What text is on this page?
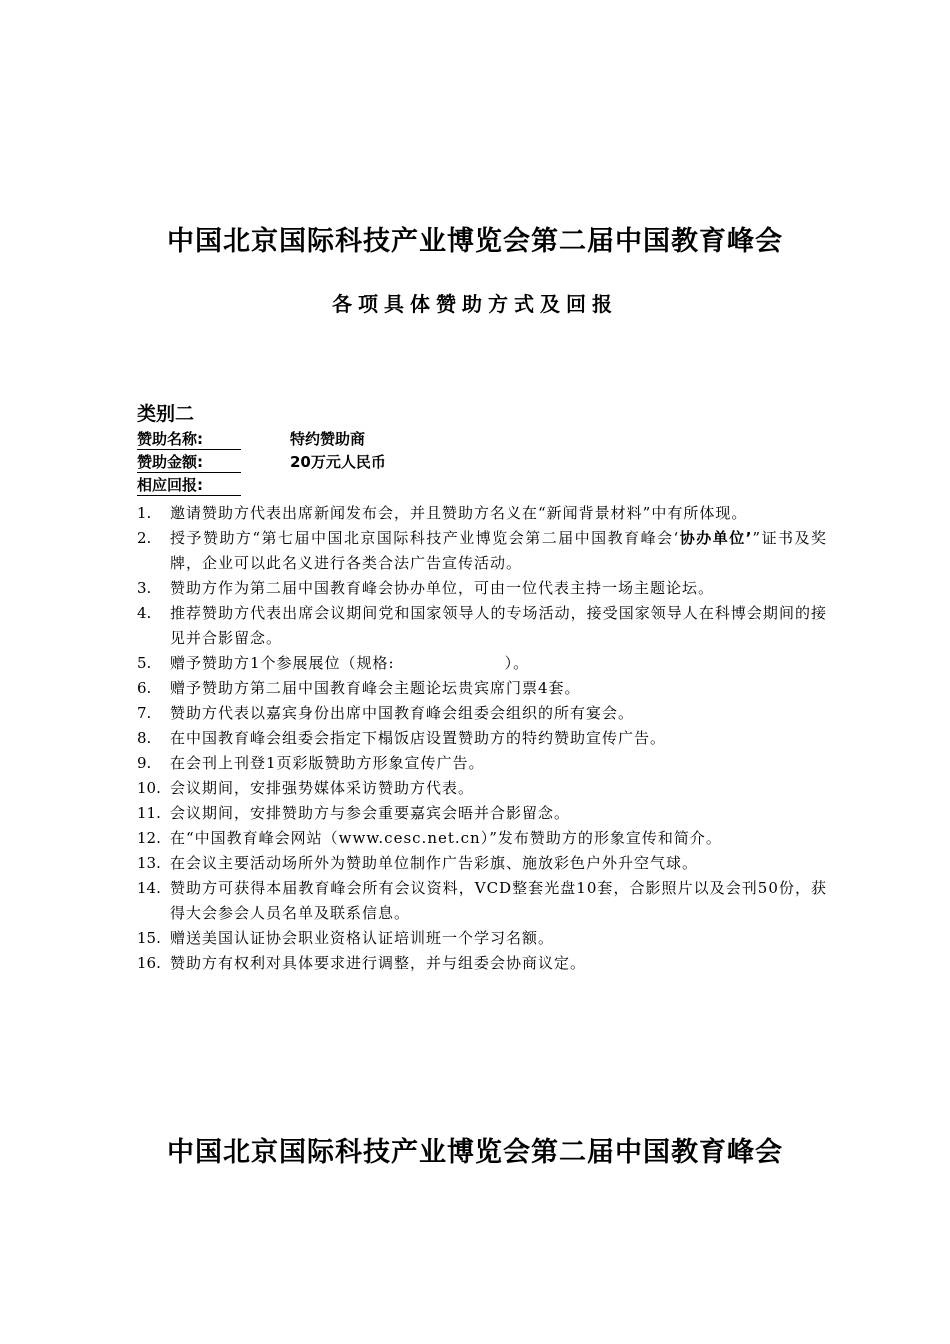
中国北京国际科技产业博览会第二届中国教育峰会
各项具体赞助方式及回报
类别二
赞助名称:	特约赞助商
赞助金额:	20万元人民币
相应回报:
1. 邀请赞助方代表出席新闻发布会，并且赞助方名义在“新闻背景材料”中有所体现。
2. 授予赞助方“第七届中国北京国际科技产业博览会第二届中国教育峰会‘协办单位’”证书及奖牌，企业可以此名义进行各类合法广告宣传活动。
3. 赞助方作为第二届中国教育峰会协办单位，可由一位代表主持一场主题论坛。
4. 推荐赞助方代表出席会议期间党和国家领导人的专场活动，接受国家领导人在科博会期间的接见并合影留念。
5. 赠予赞助方1个参展展位（规格:	）。
6. 赠予赞助方第二届中国教育峰会主题论坛贵宾席门票4套。
7. 赞助方代表以嘉宾身份出席中国教育峰会组委会组织的所有宴会。
8. 在中国教育峰会组委会指定下榻饭店设置赞助方的特约赞助宣传广告。
9. 在会刊上刊登1页彩版赞助方形象宣传广告。
10. 会议期间，安排强势媒体采访赞助方代表。
11. 会议期间，安排赞助方与参会重要嘉宾会晤并合影留念。
12. 在“中国教育峰会网站（www.cesc.net.cn）”发布赞助方的形象宣传和简介。
13. 在会议主要活动场所外为赞助单位制作广告彩旗、施放彩色户外升空气球。
14. 赞助方可获得本届教育峰会所有会议资料，VCD整套光盘10套，合影照片以及会刊50份，获得大会参会人员名单及联系信息。
15. 赠送美国认证协会职业资格认证培训班一个学习名额。
16. 赞助方有权利对具体要求进行调整，并与组委会协商议定。
中国北京国际科技产业博览会第二届中国教育峰会
